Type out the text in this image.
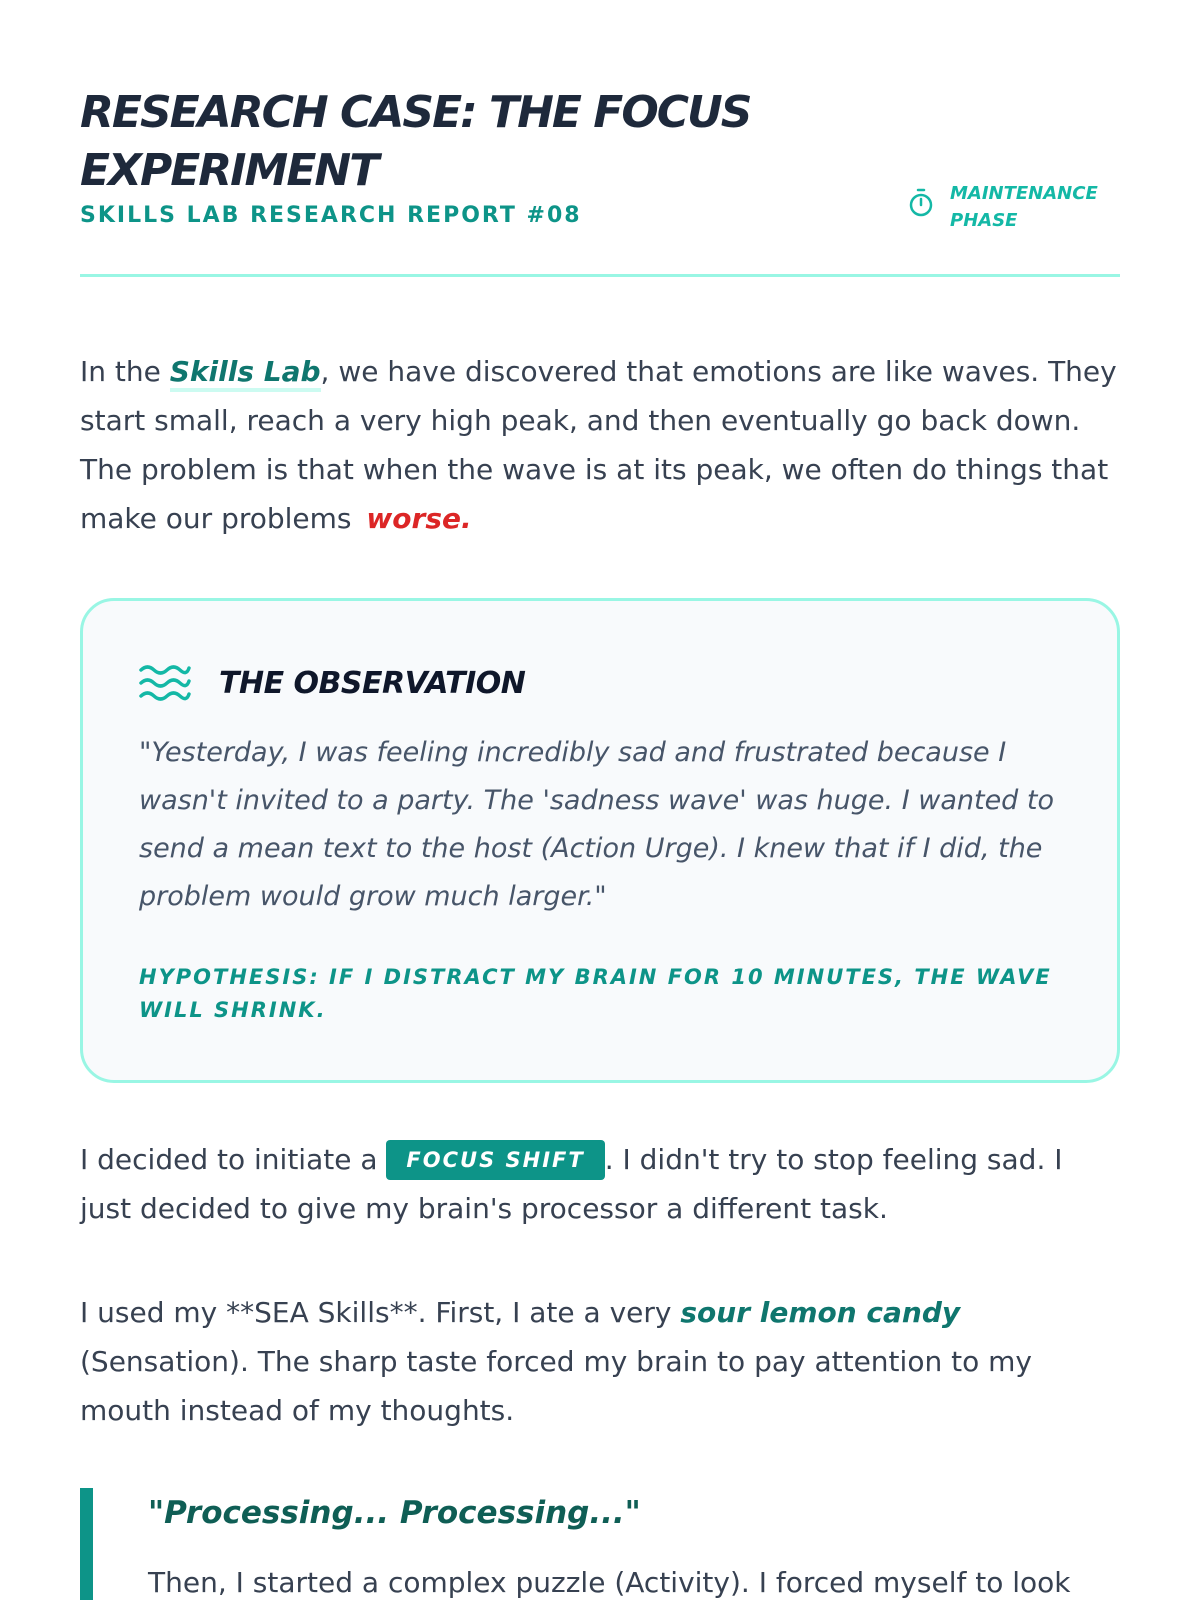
RESEARCH CASE: THE FOCUS EXPERIMENT
SKILLS LAB RESEARCH REPORT #08
MAINTENANCE PHASE

In the Skills Lab, we have discovered that emotions are like waves. They start small, reach a very high peak, and then eventually go back down. The problem is that when the wave is at its peak, we often do things that make our problems worse.

THE OBSERVATION

"Yesterday, I was feeling incredibly sad and frustrated because I wasn't invited to a party. The 'sadness wave' was huge. I wanted to send a mean text to the host (Action Urge). I knew that if I did, the problem would grow much larger."

HYPOTHESIS: IF I DISTRACT MY BRAIN FOR 10 MINUTES, THE WAVE WILL SHRINK.

I decided to initiate a FOCUS SHIFT . I didn't try to stop feeling sad. I just decided to give my brain's processor a different task.

I used my **SEA Skills**. First, I ate a very sour lemon candy (Sensation). The sharp taste forced my brain to pay attention to my mouth instead of my thoughts.

"Processing... Processing..."

Then, I started a complex puzzle (Activity). I forced myself to look
